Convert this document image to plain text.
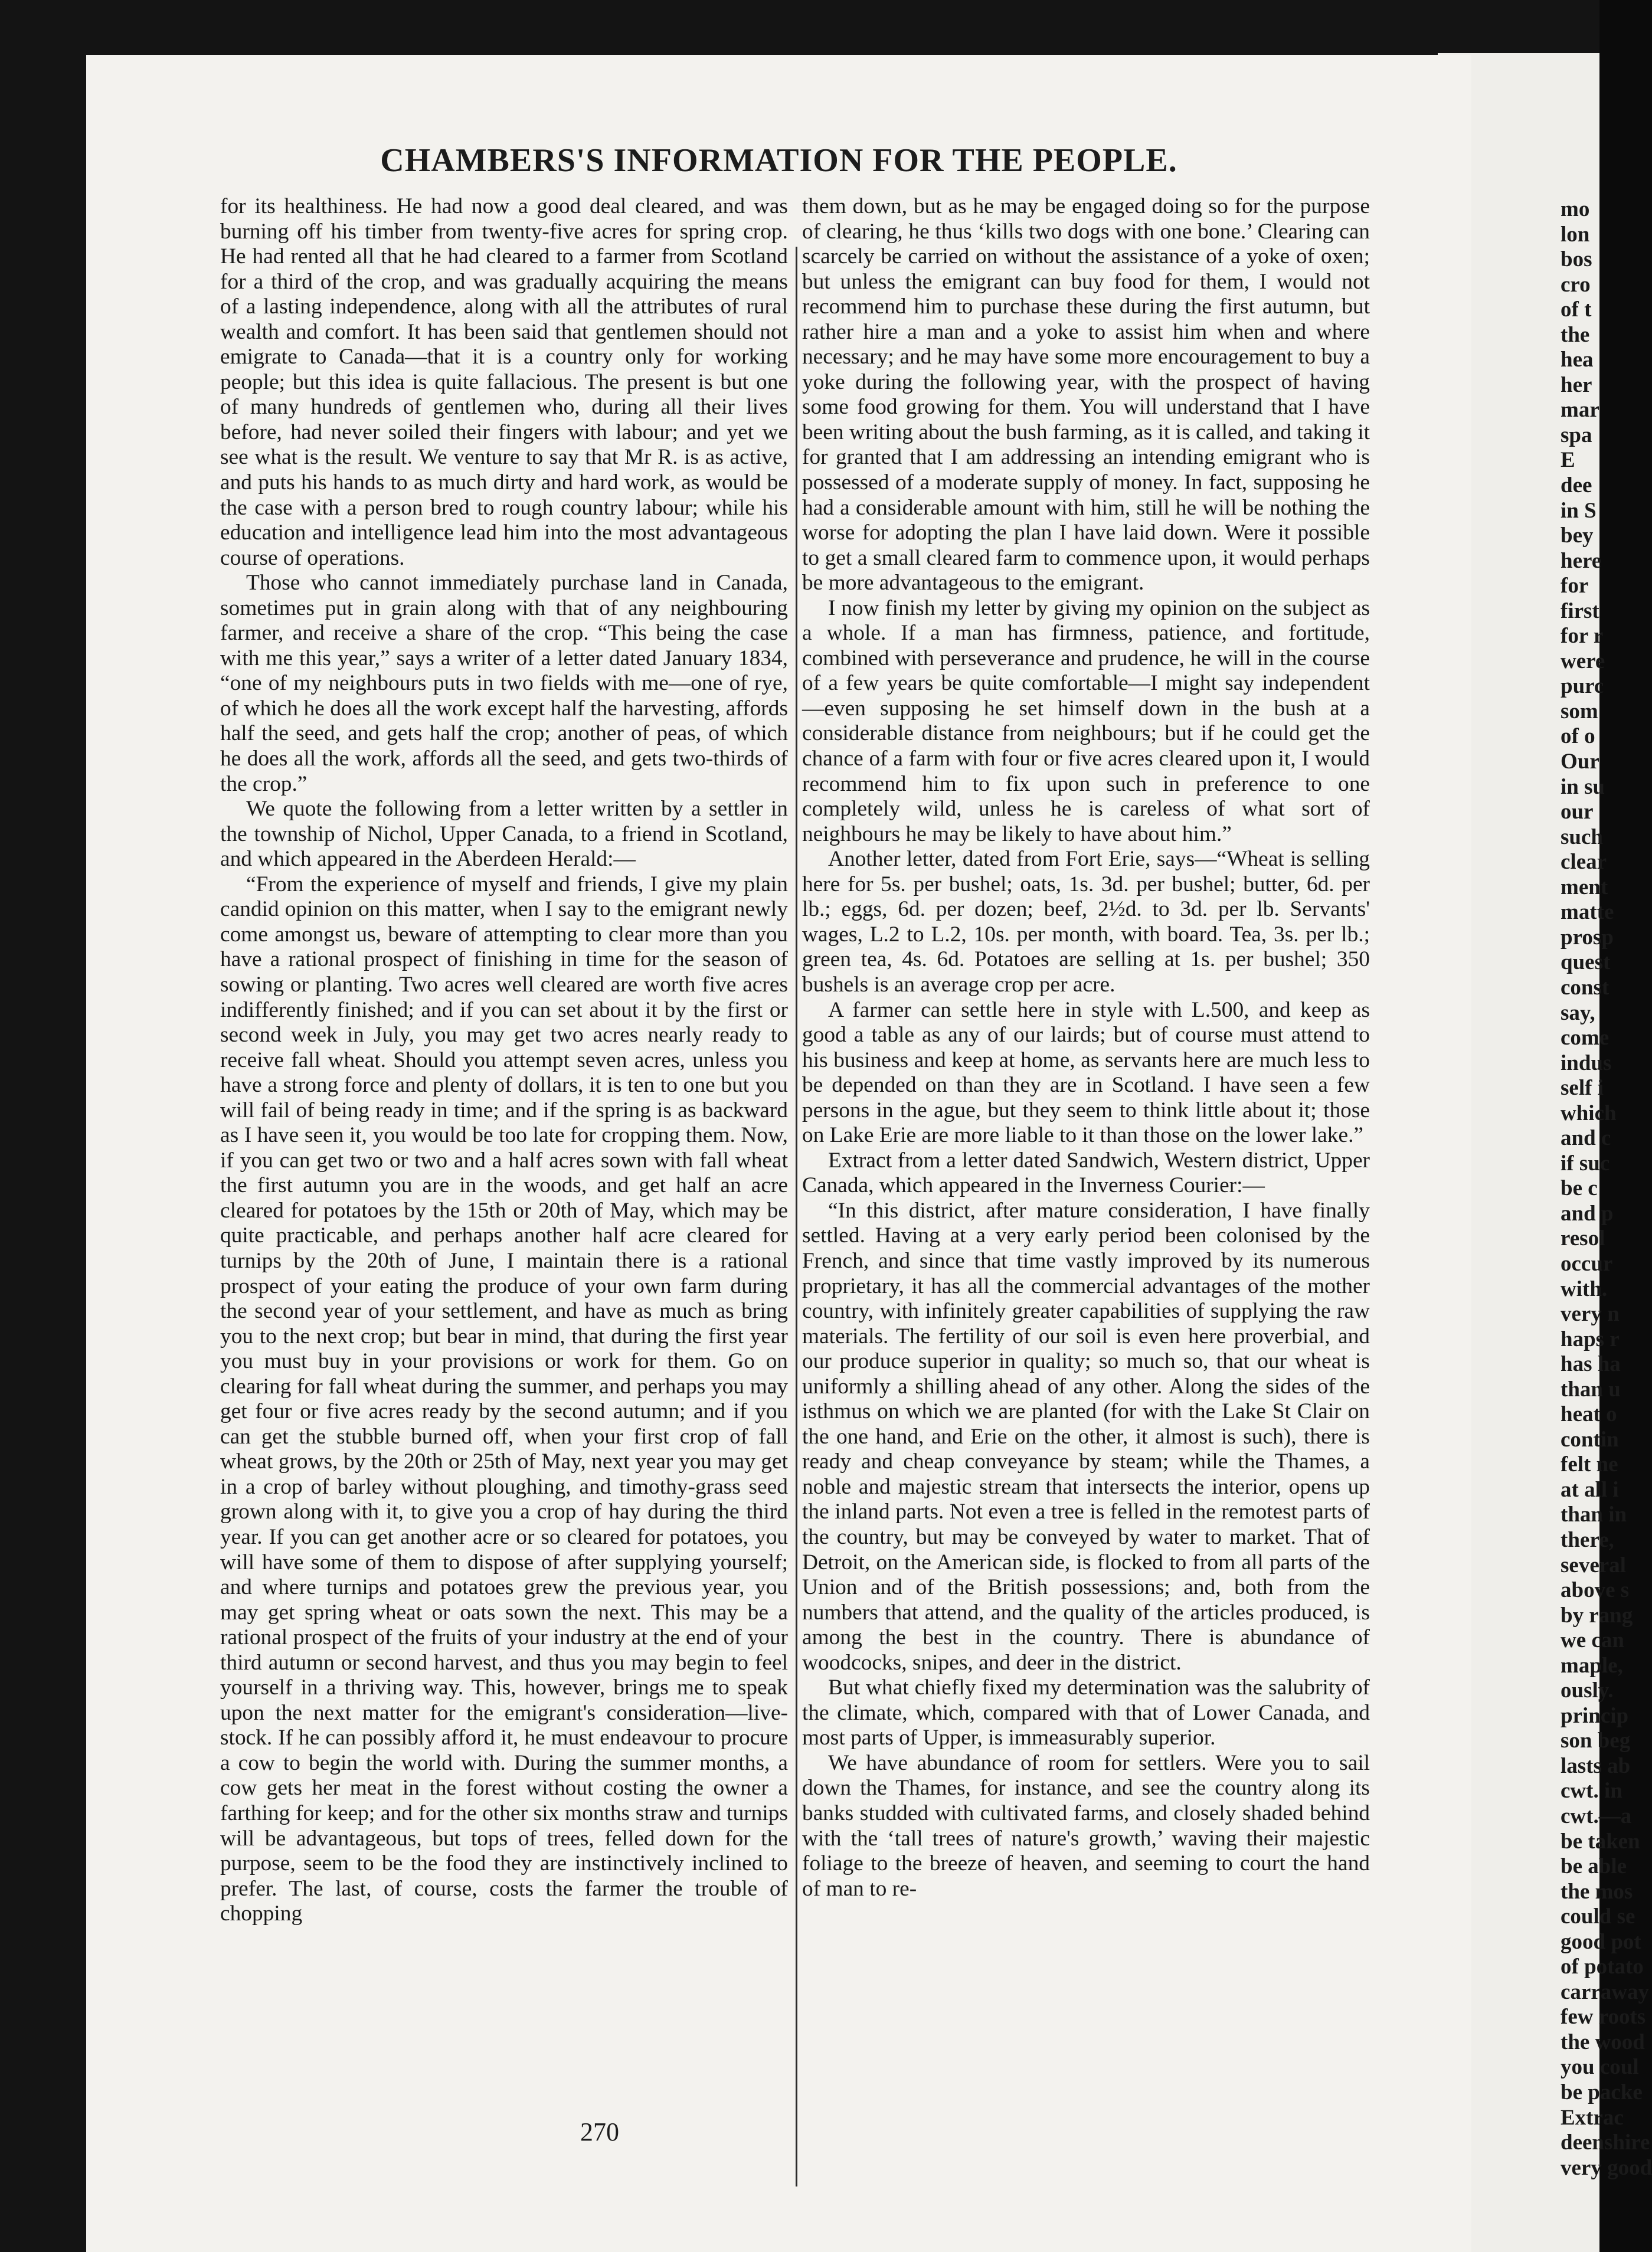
mo
lon
bos
cro
of t
the
hea
her
mar
spa
E
dee
in S
bey
here
for
first
for r
were
purc
som
of o
Our
in su
our
such
clear
ment
matte
prosp
quest
const
say,
come
indus
self i
which
and c
if suc
be c
and p
resol
occur
with.
very n
haps r
has ha
than u
heat o
contin
felt ne
at all i
than in
there,
several
above s
by rang
we can
maple,
ously.
princip
son beg
lasts ab
cwt. in
cwt.—a
be taken
be able
the mos
could se
good pot
of potato
carraway
few roots
the wood
you coul
be packe
Extrac
deenshire
very good
CHAMBERS'S INFORMATION FOR THE PEOPLE.

for its healthiness. He had now a good deal cleared, and was burning off his timber from twenty-five acres for spring crop. He had rented all that he had cleared to a farmer from Scotland for a third of the crop, and was gradually acquiring the means of a lasting independence, along with all the attributes of rural wealth and comfort. It has been said that gentlemen should not emigrate to Canada—that it is a country only for working people; but this idea is quite fallacious. The present is but one of many hundreds of gentlemen who, during all their lives before, had never soiled their fingers with labour; and yet we see what is the result. We venture to say that Mr R. is as active, and puts his hands to as much dirty and hard work, as would be the case with a person bred to rough country labour; while his education and intelligence lead him into the most advantageous course of operations.

Those who cannot immediately purchase land in Canada, sometimes put in grain along with that of any neighbouring farmer, and receive a share of the crop. “This being the case with me this year,” says a writer of a letter dated January 1834, “one of my neighbours puts in two fields with me—one of rye, of which he does all the work except half the harvesting, affords half the seed, and gets half the crop; another of peas, of which he does all the work, affords all the seed, and gets two-thirds of the crop.”

We quote the following from a letter written by a settler in the township of Nichol, Upper Canada, to a friend in Scotland, and which appeared in the Aberdeen Herald:—

“From the experience of myself and friends, I give my plain candid opinion on this matter, when I say to the emigrant newly come amongst us, beware of attempting to clear more than you have a rational prospect of finishing in time for the season of sowing or planting. Two acres well cleared are worth five acres indifferently finished; and if you can set about it by the first or second week in July, you may get two acres nearly ready to receive fall wheat. Should you attempt seven acres, unless you have a strong force and plenty of dollars, it is ten to one but you will fail of being ready in time; and if the spring is as backward as I have seen it, you would be too late for cropping them. Now, if you can get two or two and a half acres sown with fall wheat the first autumn you are in the woods, and get half an acre cleared for potatoes by the 15th or 20th of May, which may be quite practicable, and perhaps another half acre cleared for turnips by the 20th of June, I maintain there is a rational prospect of your eating the produce of your own farm during the second year of your settlement, and have as much as bring you to the next crop; but bear in mind, that during the first year you must buy in your provisions or work for them. Go on clearing for fall wheat during the summer, and perhaps you may get four or five acres ready by the second autumn; and if you can get the stubble burned off, when your first crop of fall wheat grows, by the 20th or 25th of May, next year you may get in a crop of barley without ploughing, and timothy-grass seed grown along with it, to give you a crop of hay during the third year. If you can get another acre or so cleared for potatoes, you will have some of them to dispose of after supplying yourself; and where turnips and potatoes grew the previous year, you may get spring wheat or oats sown the next. This may be a rational prospect of the fruits of your industry at the end of your third autumn or second harvest, and thus you may begin to feel yourself in a thriving way. This, however, brings me to speak upon the next matter for the emigrant's consideration—live-stock. If he can possibly afford it, he must endeavour to procure a cow to begin the world with. During the summer months, a cow gets her meat in the forest without costing the owner a farthing for keep; and for the other six months straw and turnips will be advantageous, but tops of trees, felled down for the purpose, seem to be the food they are instinctively inclined to prefer. The last, of course, costs the farmer the trouble of chopping

them down, but as he may be engaged doing so for the purpose of clearing, he thus ‘kills two dogs with one bone.’ Clearing can scarcely be carried on without the assistance of a yoke of oxen; but unless the emigrant can buy food for them, I would not recommend him to purchase these during the first autumn, but rather hire a man and a yoke to assist him when and where necessary; and he may have some more encouragement to buy a yoke during the following year, with the prospect of having some food growing for them. You will understand that I have been writing about the bush farming, as it is called, and taking it for granted that I am addressing an intending emigrant who is possessed of a moderate supply of money. In fact, supposing he had a considerable amount with him, still he will be nothing the worse for adopting the plan I have laid down. Were it possible to get a small cleared farm to commence upon, it would perhaps be more advantageous to the emigrant.

I now finish my letter by giving my opinion on the subject as a whole. If a man has firmness, patience, and fortitude, combined with perseverance and prudence, he will in the course of a few years be quite comfortable—I might say independent—even supposing he set himself down in the bush at a considerable distance from neighbours; but if he could get the chance of a farm with four or five acres cleared upon it, I would recommend him to fix upon such in preference to one completely wild, unless he is careless of what sort of neighbours he may be likely to have about him.”

Another letter, dated from Fort Erie, says—“Wheat is selling here for 5s. per bushel; oats, 1s. 3d. per bushel; butter, 6d. per lb.; eggs, 6d. per dozen; beef, 2½d. to 3d. per lb. Servants' wages, L.2 to L.2, 10s. per month, with board. Tea, 3s. per lb.; green tea, 4s. 6d. Potatoes are selling at 1s. per bushel; 350 bushels is an average crop per acre.

A farmer can settle here in style with L.500, and keep as good a table as any of our lairds; but of course must attend to his business and keep at home, as servants here are much less to be depended on than they are in Scotland. I have seen a few persons in the ague, but they seem to think little about it; those on Lake Erie are more liable to it than those on the lower lake.”

Extract from a letter dated Sandwich, Western district, Upper Canada, which appeared in the Inverness Courier:—

“In this district, after mature consideration, I have finally settled. Having at a very early period been colonised by the French, and since that time vastly improved by its numerous proprietary, it has all the commercial advantages of the mother country, with infinitely greater capabilities of supplying the raw materials. The fertility of our soil is even here proverbial, and our produce superior in quality; so much so, that our wheat is uniformly a shilling ahead of any other. Along the sides of the isthmus on which we are planted (for with the Lake St Clair on the one hand, and Erie on the other, it almost is such), there is ready and cheap conveyance by steam; while the Thames, a noble and majestic stream that intersects the interior, opens up the inland parts. Not even a tree is felled in the remotest parts of the country, but may be conveyed by water to market. That of Detroit, on the American side, is flocked to from all parts of the Union and of the British possessions; and, both from the numbers that attend, and the quality of the articles produced, is among the best in the country. There is abundance of woodcocks, snipes, and deer in the district.

But what chiefly fixed my determination was the salubrity of the climate, which, compared with that of Lower Canada, and most parts of Upper, is immeasurably superior.

We have abundance of room for settlers. Were you to sail down the Thames, for instance, and see the country along its banks studded with cultivated farms, and closely shaded behind with the ‘tall trees of nature's growth,’ waving their majestic foliage to the breeze of heaven, and seeming to court the hand of man to re-

270
